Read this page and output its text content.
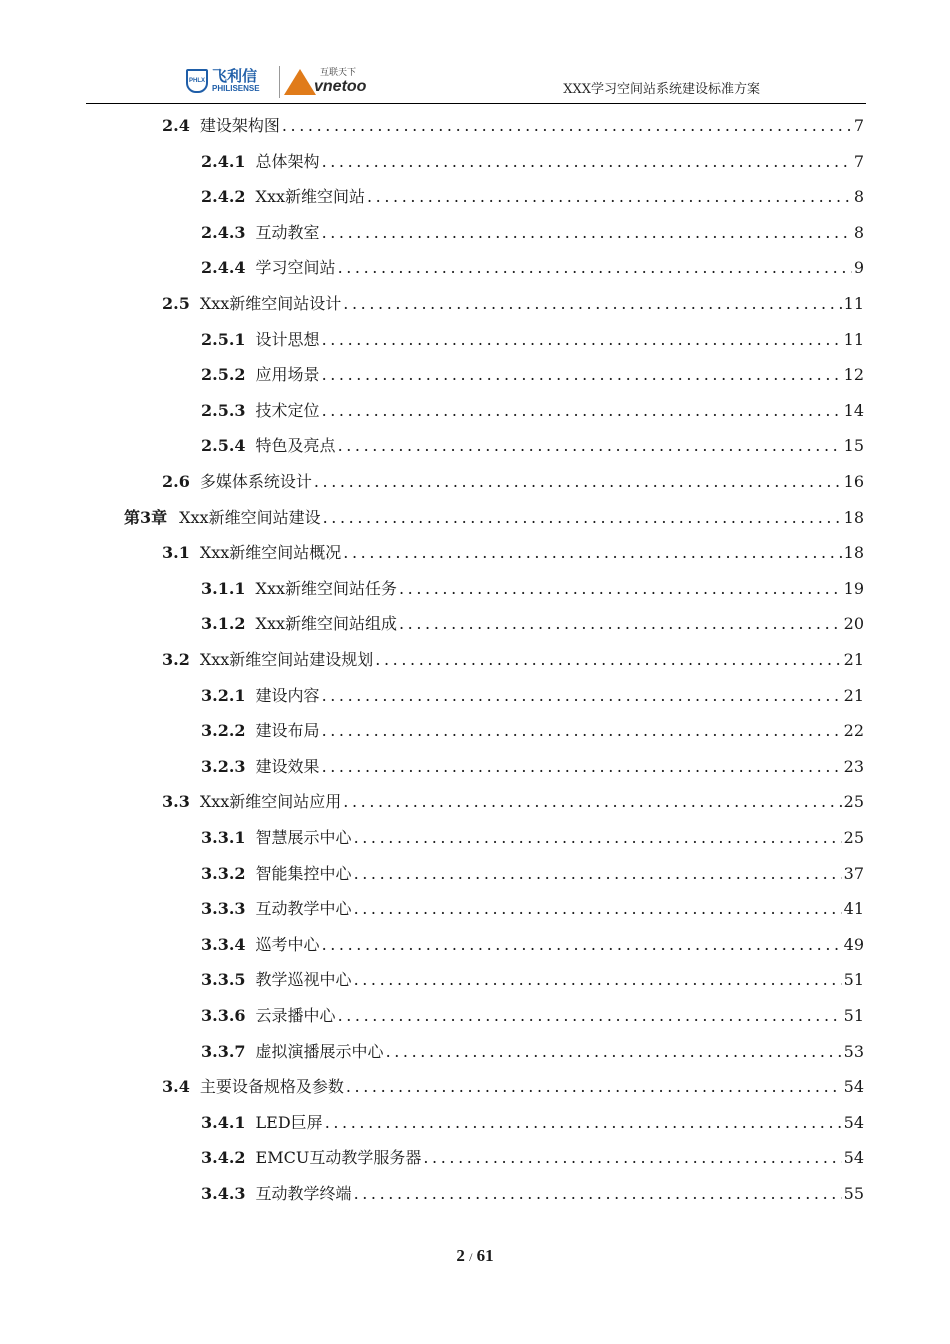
PHLX 飞利信
PHILISENSE
互联天下
vnetoo	XXX学习空间站系统建设标准方案
2.4 建设架构图 .....	7
2.4.1 总体架构 .....	7
2.4.2 Xxx新维空间站 .....	8
2.4.3 互动教室 .....	8
2.4.4 学习空间站 .....	9
2.5 Xxx新维空间站设计 .....	11
2.5.1 设计思想 .....	11
2.5.2 应用场景 .....	12
2.5.3 技术定位 .....	14
2.5.4 特色及亮点 .....	15
2.6 多媒体系统设计 .....	16
第3章 Xxx新维空间站建设 .....	18
3.1 Xxx新维空间站概况 .....	18
3.1.1 Xxx新维空间站任务 .....	19
3.1.2 Xxx新维空间站组成 .....	20
3.2 Xxx新维空间站建设规划 .....	21
3.2.1 建设内容 .....	21
3.2.2 建设布局 .....	22
3.2.3 建设效果 .....	23
3.3 Xxx新维空间站应用 .....	25
3.3.1 智慧展示中心 .....	25
3.3.2 智能集控中心 .....	37
3.3.3 互动教学中心 .....	41
3.3.4 巡考中心 .....	49
3.3.5 教学巡视中心 .....	51
3.3.6 云录播中心 .....	51
3.3.7 虚拟演播展示中心 .....	53
3.4 主要设备规格及参数 .....	54
3.4.1 LED巨屏 .....	54
3.4.2 EMCU互动教学服务器 .....	54
3.4.3 互动教学终端 .....	55
2 / 61
